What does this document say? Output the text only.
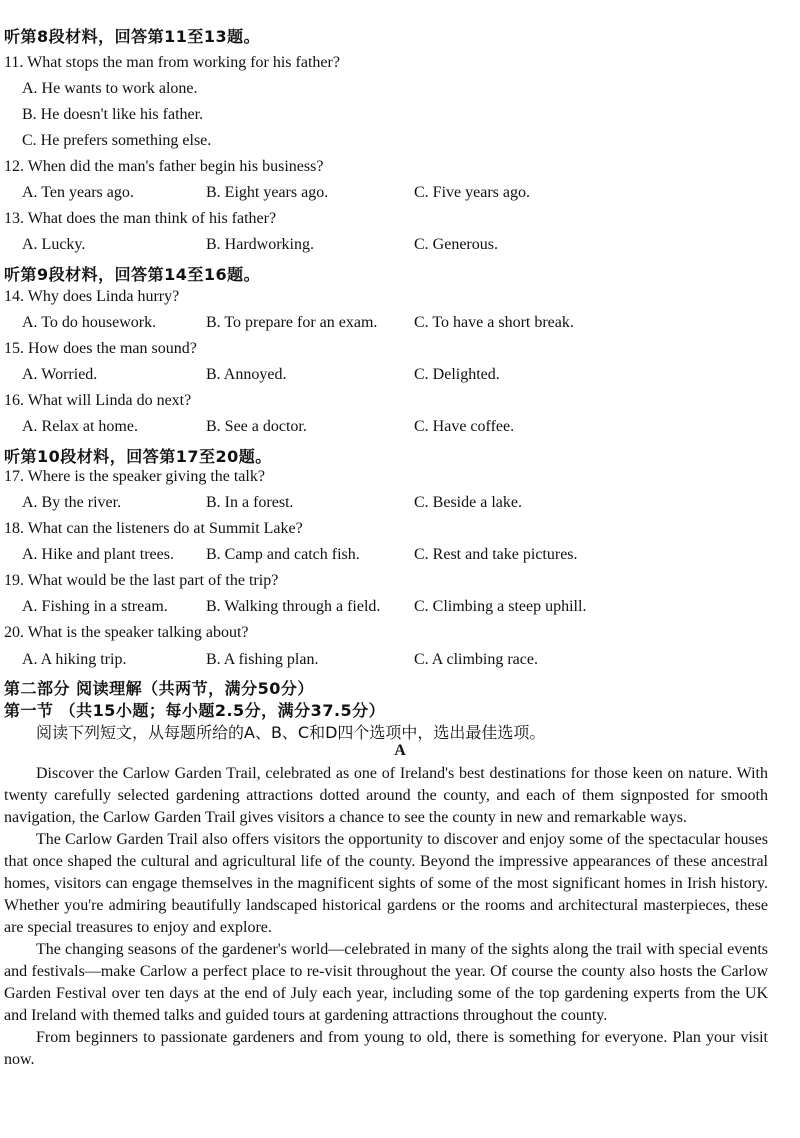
听第8段材料，回答第11至13题。
11. What stops the man from working for his father?
A. He wants to work alone.
B. He doesn't like his father.
C. He prefers something else.
12. When did the man's father begin his business?
A. Ten years ago.	B. Eight years ago.	C. Five years ago.
13. What does the man think of his father?
A. Lucky.	B. Hardworking.	C. Generous.
听第9段材料，回答第14至16题。
14. Why does Linda hurry?
A. To do housework.	B. To prepare for an exam. C. To have a short break.
15. How does the man sound?
A. Worried.	B. Annoyed.	C. Delighted.
16. What will Linda do next?
A. Relax at home.	B. See a doctor.	C. Have coffee.
听第10段材料，回答第17至20题。
17. Where is the speaker giving the talk?
A. By the river.	B. In a forest.	C. Beside a lake.
18. What can the listeners do at Summit Lake?
A. Hike and plant trees. B. Camp and catch fish.	C. Rest and take pictures.
19. What would be the last part of the trip?
A. Fishing in a stream. B. Walking through a field. C. Climbing a steep uphill.
20. What is the speaker talking about?
A. A hiking trip.	B. A fishing plan.	C. A climbing race.
第二部分 阅读理解（共两节，满分50分）
第一节 （共15小题；每小题2.5分，满分37.5分）
阅读下列短文，从每题所给的A、B、C和D四个选项中，选出最佳选项。
A

Discover the Carlow Garden Trail, celebrated as one of Ireland's best destinations for those keen on nature. With twenty carefully selected gardening attractions dotted around the county, and each of them signposted for smooth navigation, the Carlow Garden Trail gives visitors a chance to see the county in new and remarkable ways.

The Carlow Garden Trail also offers visitors the opportunity to discover and enjoy some of the spectacular houses that once shaped the cultural and agricultural life of the county. Beyond the impressive appearances of these ancestral homes, visitors can engage themselves in the magnificent sights of some of the most significant homes in Irish history. Whether you're admiring beautifully landscaped historical gardens or the rooms and architectural masterpieces, these are special treasures to enjoy and explore.

The changing seasons of the gardener's world—celebrated in many of the sights along the trail with special events and festivals—make Carlow a perfect place to re-visit throughout the year. Of course the county also hosts the Carlow Garden Festival over ten days at the end of July each year, including some of the top gardening experts from the UK and Ireland with themed talks and guided tours at gardening attractions throughout the county.

From beginners to passionate gardeners and from young to old, there is something for everyone. Plan your visit now.
